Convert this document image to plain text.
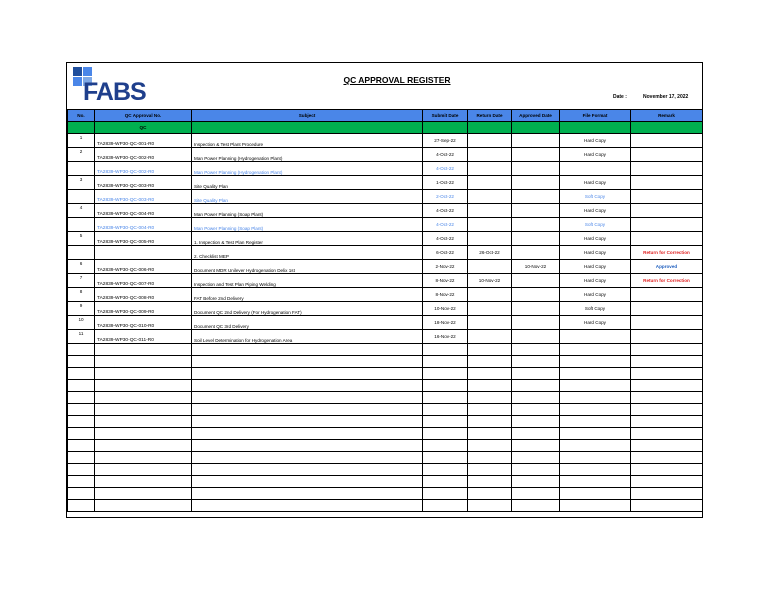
FABS	QC APPROVAL REGISTER
Date :	November 17, 2022
No.	QC Approval No.	Subject	Submit Date	Return Date	Approved Date	File Format	Remark
	QC						
1	TA2839-WP30-QC-001-R0	Inspection & Test Plant Procedure	27-Sep-22			Hard Copy	
2	TA2839-WP30-QC-002-R0	Man Power Planning (Hydrogenation Plant)	4-Oct-22			Hard Copy	
	TA2839-WP30-QC-002-R0	Man Power Planning (Hydrogenation Plant)	4-Oct-22				
3	TA2839-WP30-QC-003-R0	Site Quality Plan	1-Oct-22			Hard Copy	
	TA2839-WP30-QC-003-R0	Site Quality Plan	2-Oct-22			Soft Copy	
4	TA2839-WP30-QC-004-R0	Man Power Planning (Soap Plant)	4-Oct-22			Hard Copy	
	TA2839-WP30-QC-004-R0	Man Power Planning (Soap Plant)	4-Oct-22			Soft Copy	
5	TA2839-WP30-QC-005-R0	1. Inspection & Test Plan Register	4-Oct-22			Hard Copy	
		2. Checklist MEP	6-Oct-22	26-Oct-22		Hard Copy	Return for Correction
6	TA2839-WP30-QC-006-R0	Document MDR Unilever Hydrogenation Delix 1st	2-Nov-22		10-Nov-22	Hard Copy	Approved
7	TA2839-WP30-QC-007-R0	Inspection and Test Plan Piping Welding	8-Nov-22	10-Nov-22		Hard Copy	Return for Correction
8	TA2839-WP30-QC-008-R0	FAT Before 2nd Delivery	8-Nov-22			Hard Copy	
9	TA2839-WP30-QC-009-R0	Document QC 2nd Delivery (For Hydrogenation FAT)	10-Nov-22			Soft Copy	
10	TA2839-WP30-QC-010-R0	Document QC 3rd Delivery	18-Nov-22			Hard Copy	
11	TA2839-WP30-QC-011-R0	Soil Level Determination for Hydrogenation Area	16-Nov-22				
